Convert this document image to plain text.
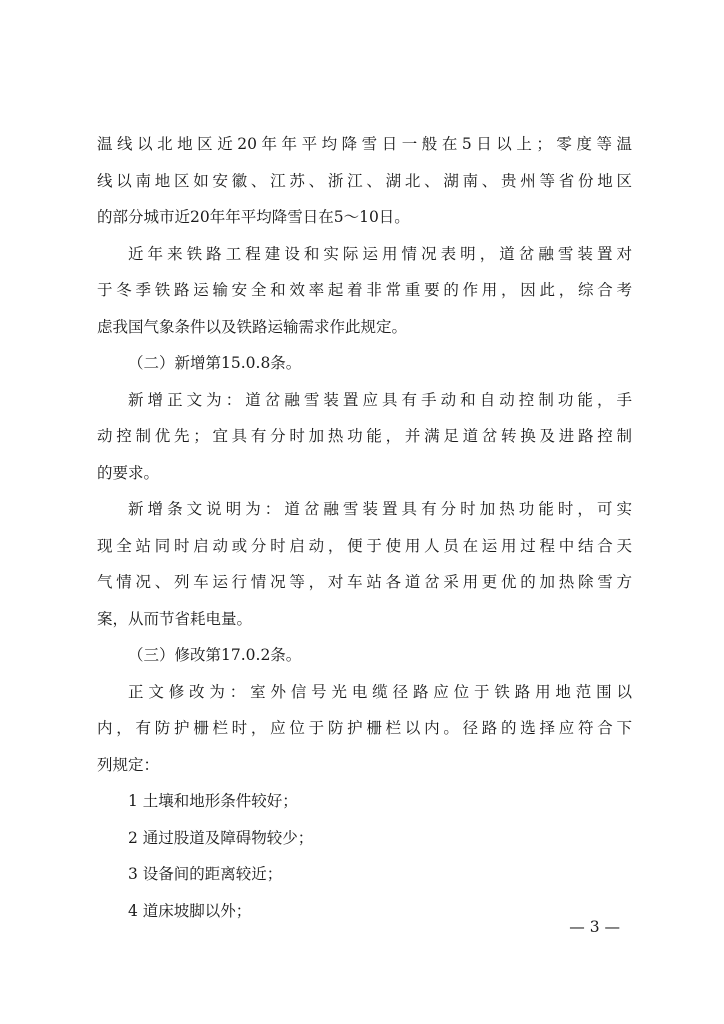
温线以北地区近20年年平均降雪日一般在5日以上；零度等温
线以南地区如安徽、江苏、浙江、湖北、湖南、贵州等省份地区
的部分城市近20年年平均降雪日在5～10日。
近年来铁路工程建设和实际运用情况表明，道岔融雪装置对
于冬季铁路运输安全和效率起着非常重要的作用，因此，综合考
虑我国气象条件以及铁路运输需求作此规定。
（二）新增第15.0.8条。
新增正文为：道岔融雪装置应具有手动和自动控制功能，手
动控制优先；宜具有分时加热功能，并满足道岔转换及进路控制
的要求。
新增条文说明为：道岔融雪装置具有分时加热功能时，可实
现全站同时启动或分时启动，便于使用人员在运用过程中结合天
气情况、列车运行情况等，对车站各道岔采用更优的加热除雪方
案，从而节省耗电量。
（三）修改第17.0.2条。
正文修改为：室外信号光电缆径路应位于铁路用地范围以
内，有防护栅栏时，应位于防护栅栏以内。径路的选择应符合下
列规定：
1 土壤和地形条件较好；
2 通过股道及障碍物较少；
3 设备间的距离较近；
4 道床坡脚以外；
— 3 —
